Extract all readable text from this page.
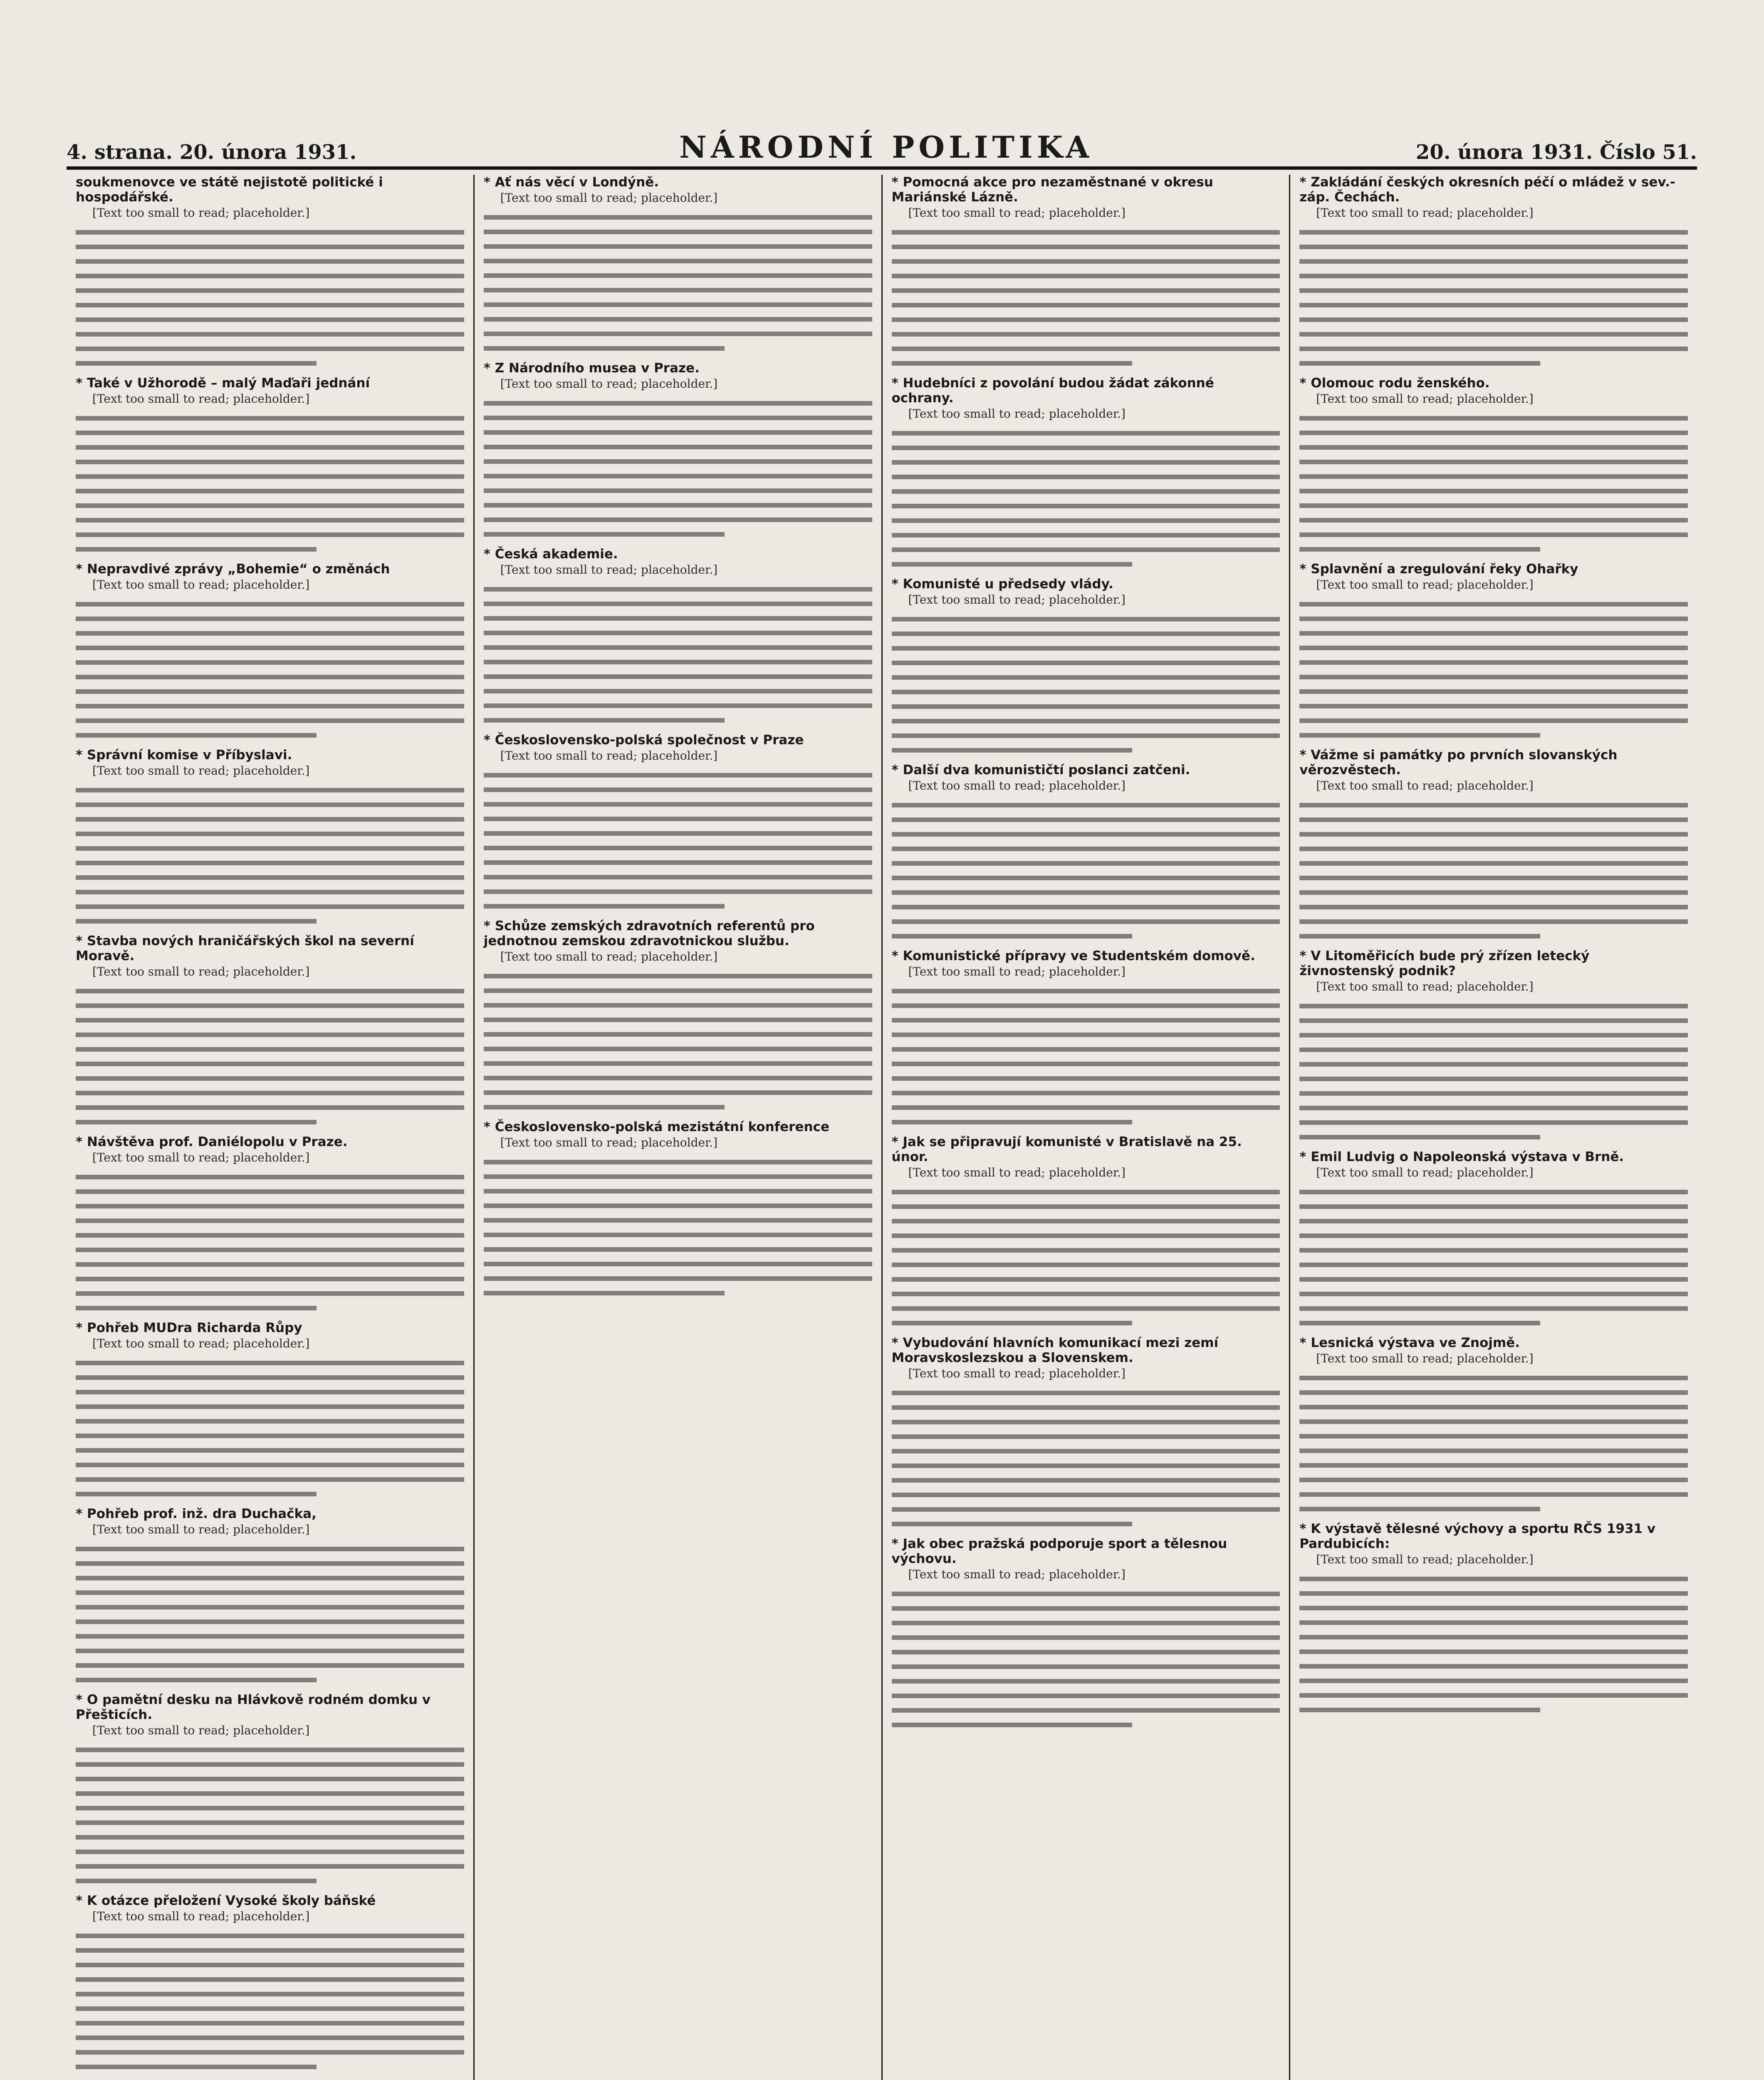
4. strana. 20. února 1931.	NÁRODNÍ POLITIKA	20. února 1931. Číslo 51.
soukmenovce ve státě nejistotě politické i hospodářské.
[Text too small to read; placeholder.]
* Také v Užhorodě – malý Maďaři jednání
[Text too small to read; placeholder.]
* Nepravdivé zprávy „Bohemie“ o změnách
[Text too small to read; placeholder.]
* Správní komise v Příbyslavi.
[Text too small to read; placeholder.]
* Stavba nových hraničářských škol na severní Moravě.
[Text too small to read; placeholder.]
* Návštěva prof. Daniélopolu v Praze.
[Text too small to read; placeholder.]
* Pohřeb MUDra Richarda Růpy
[Text too small to read; placeholder.]
* Pohřeb prof. inž. dra Duchačka,
[Text too small to read; placeholder.]
* O pamětní desku na Hlávkově rodném domku v Přešticích.
[Text too small to read; placeholder.]
* K otázce přeložení Vysoké školy báňské
[Text too small to read; placeholder.]

* Ať nás věcí v Londýně.
[Text too small to read; placeholder.]
* Z Národního musea v Praze.
[Text too small to read; placeholder.]
* Česká akademie.
[Text too small to read; placeholder.]
* Československo-polská společnost v Praze
[Text too small to read; placeholder.]
* Schůze zemských zdravotních referentů pro jednotnou zemskou zdravotnickou službu.
[Text too small to read; placeholder.]
* Československo-polská mezistátní konference
[Text too small to read; placeholder.]
* Pomocná akce pro nezaměstnané v okresu Mariánské Lázně.
[Text too small to read; placeholder.]
* Hudebníci z povolání budou žádat zákonné ochrany.
[Text too small to read; placeholder.]
* Komunisté u předsedy vlády.
[Text too small to read; placeholder.]
* Další dva komunističtí poslanci zatčeni.
[Text too small to read; placeholder.]
* Komunistické přípravy ve Studentském domově.
[Text too small to read; placeholder.]
* Jak se připravují komunisté v Bratislavě na 25. únor.
[Text too small to read; placeholder.]
* Vybudování hlavních komunikací mezi zemí Moravskoslezskou a Slovenskem.
[Text too small to read; placeholder.]
* Jak obec pražská podporuje sport a tělesnou výchovu.
[Text too small to read; placeholder.]
* Zakládání českých okresních péčí o mládež v sev.-záp. Čechách.
[Text too small to read; placeholder.]
* Olomouc rodu ženského.
[Text too small to read; placeholder.]
* Splavnění a zregulování řeky Ohařky
[Text too small to read; placeholder.]
* Vážme si památky po prvních slovanských věrozvěstech.
[Text too small to read; placeholder.]
* V Litoměřicích bude prý zřízen letecký živnostenský podnik?
[Text too small to read; placeholder.]
* Emil Ludvig o Napoleonská výstava v Brně.
[Text too small to read; placeholder.]
* Lesnická výstava ve Znojmě.
[Text too small to read; placeholder.]
* K výstavě tělesné výchovy a sportu RČS 1931 v Pardubicích:
[Text too small to read; placeholder.]
